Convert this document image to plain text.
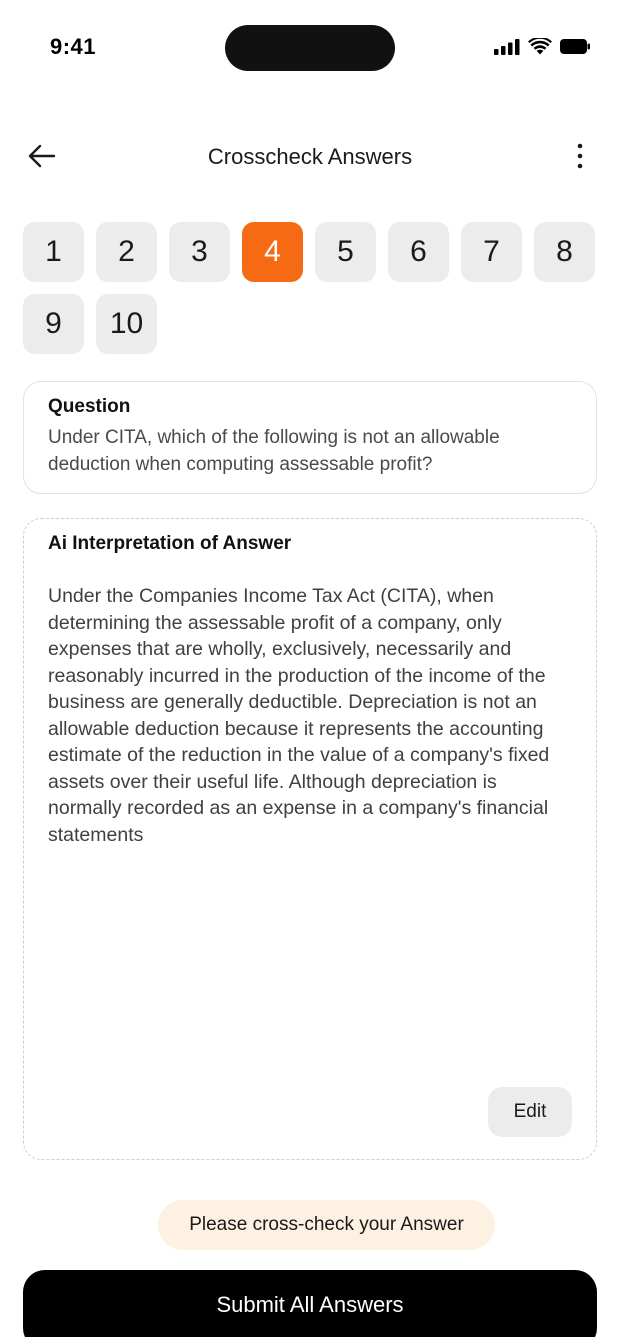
9:41
Crosscheck Answers
1	2	3	4	5	6	7	8
9	10
Question
Under CITA, which of the following is not an allowable deduction when computing assessable profit?
Ai Interpretation of Answer
Under the Companies Income Tax Act (CITA), when determining the assessable profit of a company, only expenses that are wholly, exclusively, necessarily and reasonably incurred in the production of the income of the business are generally deductible. Depreciation is not an allowable deduction because it represents the accounting estimate of the reduction in the value of a company's fixed assets over their useful life. Although depreciation is normally recorded as an expense in a company's financial statements
Edit
Please cross-check your Answer
Submit All Answers
